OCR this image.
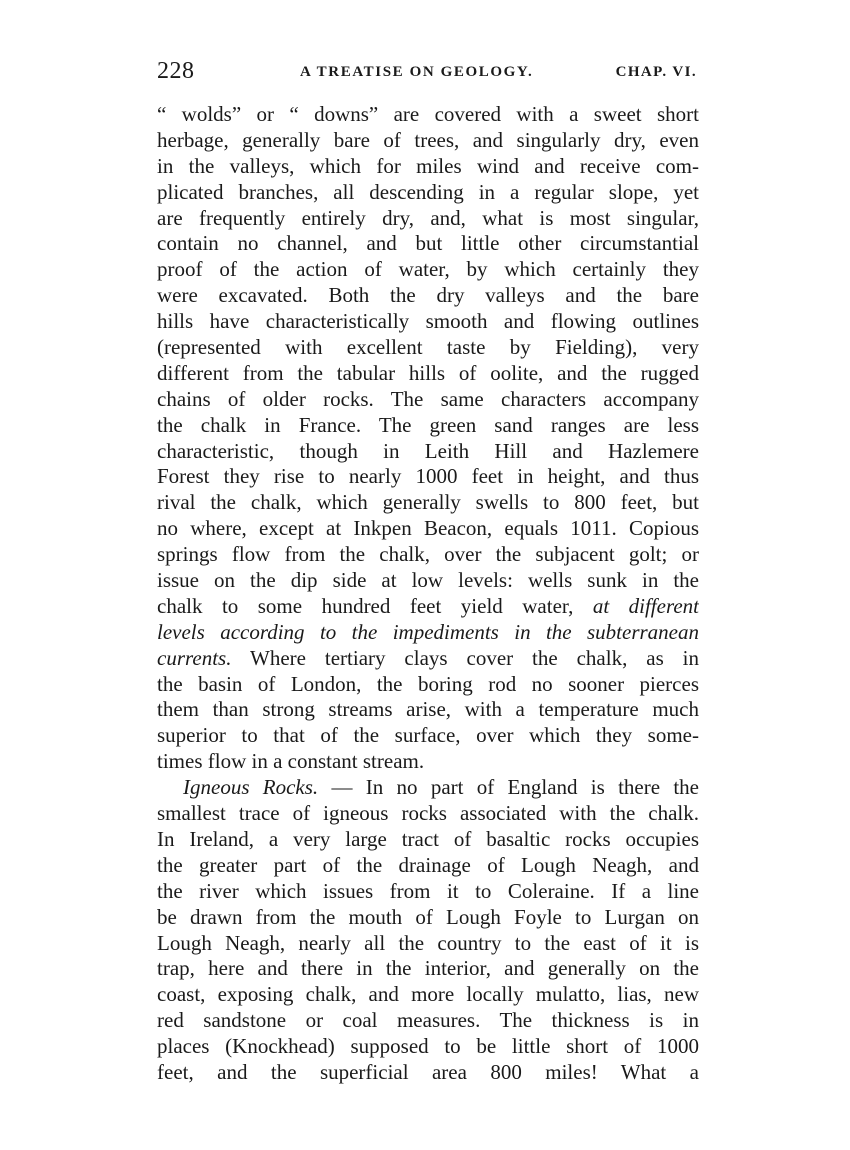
228	A TREATISE ON GEOLOGY.	CHAP. VI.
“ wolds” or “ downs” are covered with a sweet short
herbage, generally bare of trees, and singularly dry, even
in the valleys, which for miles wind and receive com-
plicated branches, all descending in a regular slope, yet
are frequently entirely dry, and, what is most singular,
contain no channel, and but little other circumstantial
proof of the action of water, by which certainly they
were excavated. Both the dry valleys and the bare
hills have characteristically smooth and flowing outlines
(represented with excellent taste by Fielding), very
different from the tabular hills of oolite, and the rugged
chains of older rocks. The same characters accompany
the chalk in France. The green sand ranges are less
characteristic, though in Leith Hill and Hazlemere
Forest they rise to nearly 1000 feet in height, and thus
rival the chalk, which generally swells to 800 feet, but
no where, except at Inkpen Beacon, equals 1011. Copious
springs flow from the chalk, over the subjacent golt; or
issue on the dip side at low levels: wells sunk in the
chalk to some hundred feet yield water, at different
levels according to the impediments in the subterranean
currents. Where tertiary clays cover the chalk, as in
the basin of London, the boring rod no sooner pierces
them than strong streams arise, with a temperature much
superior to that of the surface, over which they some-
times flow in a constant stream.
Igneous Rocks. — In no part of England is there the
smallest trace of igneous rocks associated with the chalk.
In Ireland, a very large tract of basaltic rocks occupies
the greater part of the drainage of Lough Neagh, and
the river which issues from it to Coleraine. If a line
be drawn from the mouth of Lough Foyle to Lurgan on
Lough Neagh, nearly all the country to the east of it is
trap, here and there in the interior, and generally on the
coast, exposing chalk, and more locally mulatto, lias, new
red sandstone or coal measures. The thickness is in
places (Knockhead) supposed to be little short of 1000
feet, and the superficial area 800 miles! What a
